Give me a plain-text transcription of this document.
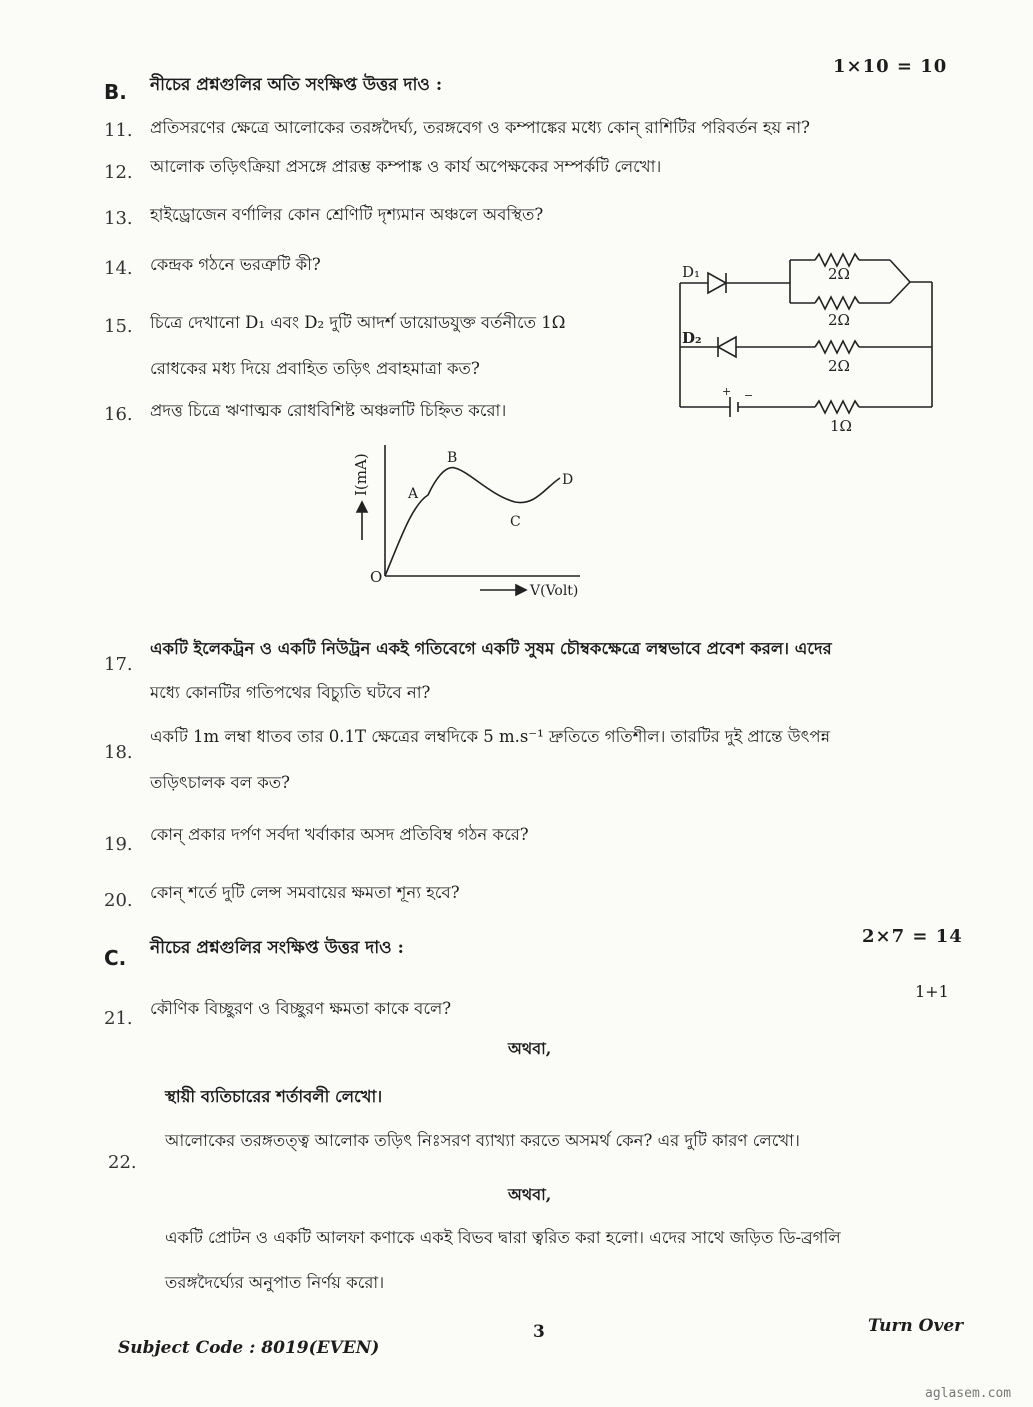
1×10 = 10
B. নীচের প্রশ্নগুলির অতি সংক্ষিপ্ত উত্তর দাও :
11. প্রতিসরণের ক্ষেত্রে আলোকের তরঙ্গদৈর্ঘ্য, তরঙ্গবেগ ও কম্পাঙ্কের মধ্যে কোন্ রাশিটির পরিবর্তন হয় না?
12. আলোক তড়িৎক্রিয়া প্রসঙ্গে প্রারম্ভ কম্পাঙ্ক ও কার্য অপেক্ষকের সম্পর্কটি লেখো।
13. হাইড্রোজেন বর্ণালির কোন শ্রেণিটি দৃশ্যমান অঞ্চলে অবস্থিত?
14. কেন্দ্রক গঠনে ভরত্রুটি কী?
15. চিত্রে দেখানো D₁ এবং D₂ দুটি আদর্শ ডায়োডযুক্ত বর্তনীতে 1Ω
রোধকের মধ্য দিয়ে প্রবাহিত তড়িৎ প্রবাহমাত্রা কত?
16. প্রদত্ত চিত্রে ঋণাত্মক রোধবিশিষ্ট অঞ্চলটি চিহ্নিত করো।
D₁
D₂
2Ω
2Ω
2Ω
1Ω
+ −
I(mA)
V(Volt)
O
A
B
C
D
17.
একটি ইলেকট্রন ও একটি নিউট্রন একই গতিবেগে একটি সুষম চৌম্বকক্ষেত্রে লম্বভাবে প্রবেশ করল। এদের
মধ্যে কোনটির গতিপথের বিচ্যুতি ঘটবে না?
18.
একটি 1m লম্বা ধাতব তার 0.1T ক্ষেত্রের লম্বদিকে 5 m.s⁻¹ দ্রুতিতে গতিশীল। তারটির দুই প্রান্তে উৎপন্ন
তড়িৎচালক বল কত?
19. কোন্ প্রকার দর্পণ সর্বদা খর্বাকার অসদ প্রতিবিম্ব গঠন করে?
20. কোন্ শর্তে দুটি লেন্স সমবায়ের ক্ষমতা শূন্য হবে?
2×7 = 14
C. নীচের প্রশ্নগুলির সংক্ষিপ্ত উত্তর দাও :
1+1
21. কৌণিক বিচ্ছুরণ ও বিচ্ছুরণ ক্ষমতা কাকে বলে?
অথবা,
স্থায়ী ব্যতিচারের শর্তাবলী লেখো।
22.
আলোকের তরঙ্গতত্ত্ব আলোক তড়িৎ নিঃসরণ ব্যাখ্যা করতে অসমর্থ কেন? এর দুটি কারণ লেখো।
অথবা,
একটি প্রোটন ও একটি আলফা কণাকে একই বিভব দ্বারা ত্বরিত করা হলো। এদের সাথে জড়িত ডি-ব্রগলি
তরঙ্গদৈর্ঘ্যের অনুপাত নির্ণয় করো।
3	Turn Over
Subject Code : 8019(EVEN)
aglasem.com
